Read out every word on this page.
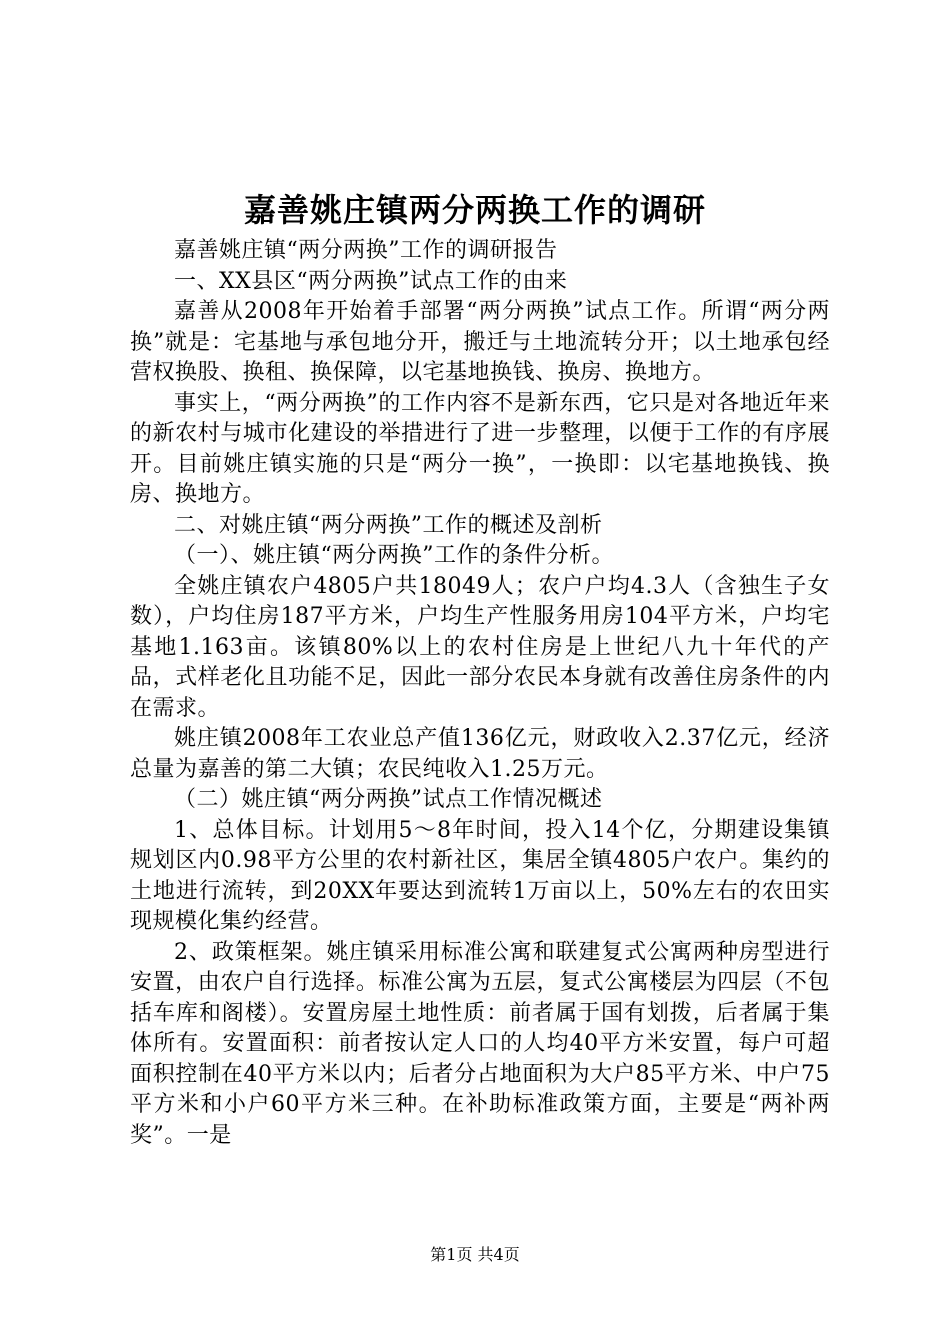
嘉善姚庄镇两分两换工作的调研

嘉善姚庄镇“两分两换”工作的调研报告

一、XX县区“两分两换”试点工作的由来

嘉善从2008年开始着手部署“两分两换”试点工作。所谓“两分两换”就是：宅基地与承包地分开，搬迁与土地流转分开；以土地承包经营权换股、换租、换保障，以宅基地换钱、换房、换地方。

事实上，“两分两换”的工作内容不是新东西，它只是对各地近年来的新农村与城市化建设的举措进行了进一步整理，以便于工作的有序展开。目前姚庄镇实施的只是“两分一换”，一换即：以宅基地换钱、换房、换地方。

二、对姚庄镇“两分两换”工作的概述及剖析

（一）、姚庄镇“两分两换”工作的条件分析。

全姚庄镇农户4805户共18049人；农户户均4.3人（含独生子女数），户均住房187平方米，户均生产性服务用房104平方米，户均宅基地1.163亩。该镇80%以上的农村住房是上世纪八九十年代的产品，式样老化且功能不足，因此一部分农民本身就有改善住房条件的内在需求。

姚庄镇2008年工农业总产值136亿元，财政收入2.37亿元，经济总量为嘉善的第二大镇；农民纯收入1.25万元。

（二）姚庄镇“两分两换”试点工作情况概述

1、总体目标。计划用5～8年时间，投入14个亿，分期建设集镇规划区内0.98平方公里的农村新社区，集居全镇4805户农户。集约的土地进行流转，到20XX年要达到流转1万亩以上，50%左右的农田实现规模化集约经营。

2、政策框架。姚庄镇采用标准公寓和联建复式公寓两种房型进行安置，由农户自行选择。标准公寓为五层，复式公寓楼层为四层（不包括车库和阁楼）。安置房屋土地性质：前者属于国有划拨，后者属于集体所有。安置面积：前者按认定人口的人均40平方米安置，每户可超面积控制在40平方米以内；后者分占地面积为大户85平方米、中户75平方米和小户60平方米三种。在补助标准政策方面，主要是“两补两奖”。一是

第1页 共4页
